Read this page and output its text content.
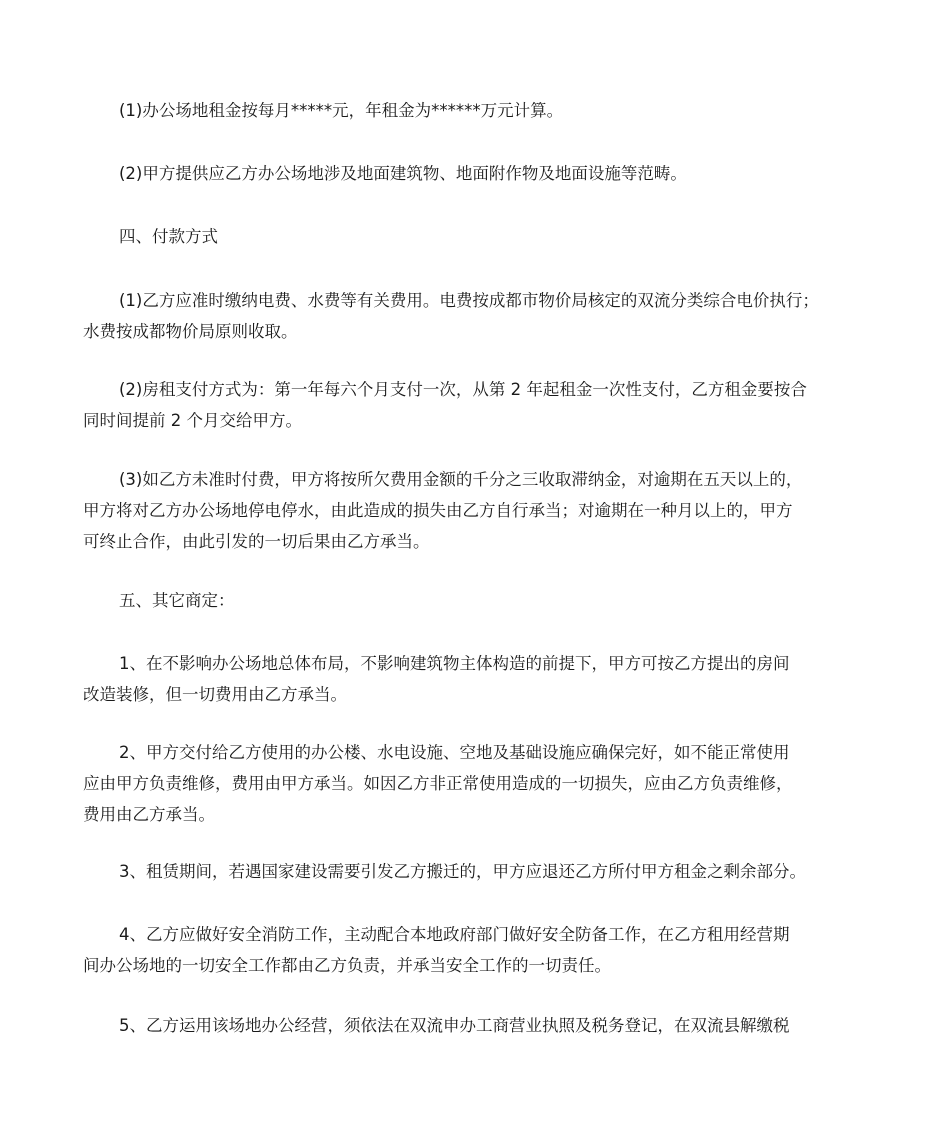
(1)办公场地租金按每月*****元，年租金为******万元计算。
(2)甲方提供应乙方办公场地涉及地面建筑物、地面附作物及地面设施等范畴。
四、付款方式
(1)乙方应准时缴纳电费、水费等有关费用。电费按成都市物价局核定的双流分类综合电价执行；
水费按成都物价局原则收取。
(2)房租支付方式为：第一年每六个月支付一次，从第 2 年起租金一次性支付，乙方租金要按合
同时间提前 2 个月交给甲方。
(3)如乙方未准时付费，甲方将按所欠费用金额的千分之三收取滞纳金，对逾期在五天以上的，
甲方将对乙方办公场地停电停水，由此造成的损失由乙方自行承当；对逾期在一种月以上的，甲方
可终止合作，由此引发的一切后果由乙方承当。
五、其它商定：
1、在不影响办公场地总体布局，不影响建筑物主体构造的前提下，甲方可按乙方提出的房间
改造装修，但一切费用由乙方承当。
2、甲方交付给乙方使用的办公楼、水电设施、空地及基础设施应确保完好，如不能正常使用
应由甲方负责维修，费用由甲方承当。如因乙方非正常使用造成的一切损失，应由乙方负责维修，
费用由乙方承当。
3、租赁期间，若遇国家建设需要引发乙方搬迁的，甲方应退还乙方所付甲方租金之剩余部分。
4、乙方应做好安全消防工作，主动配合本地政府部门做好安全防备工作，在乙方租用经营期
间办公场地的一切安全工作都由乙方负责，并承当安全工作的一切责任。
5、乙方运用该场地办公经营，须依法在双流申办工商营业执照及税务登记，在双流县解缴税
